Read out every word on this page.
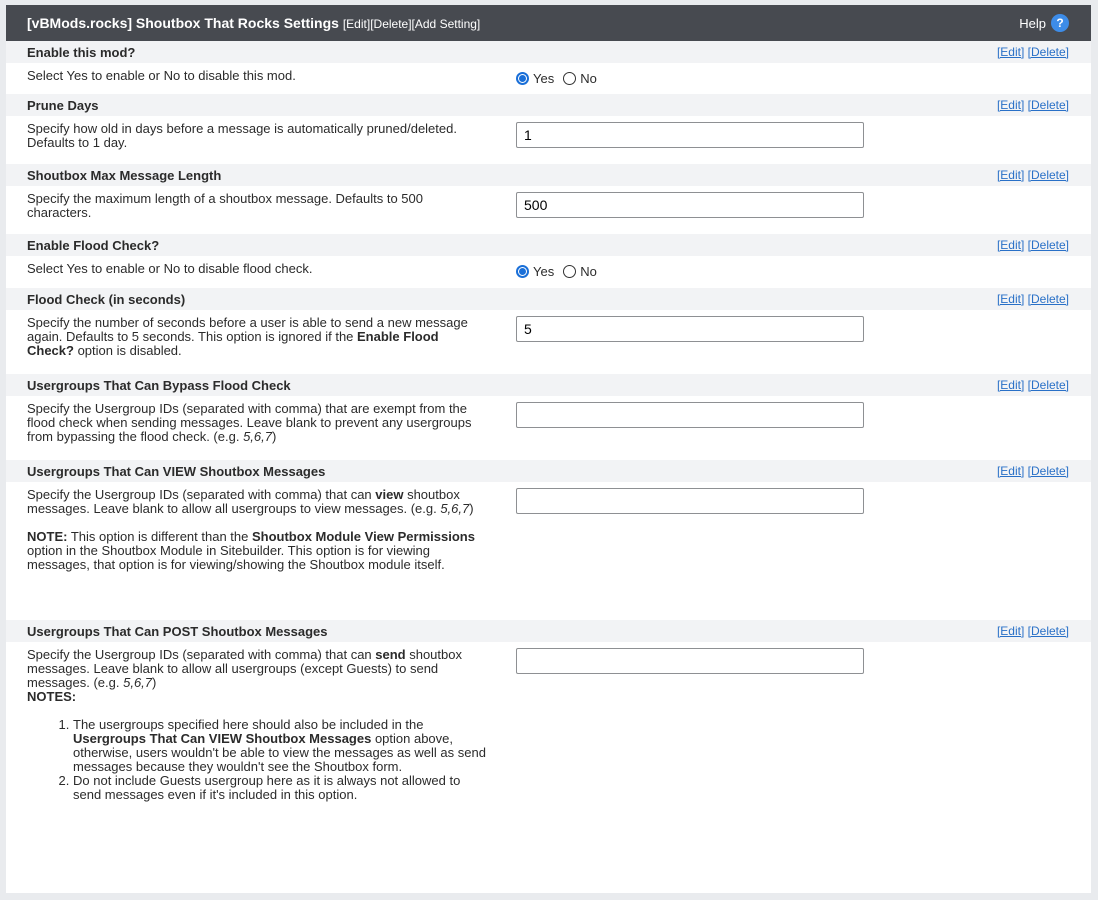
[vBMods.rocks] Shoutbox That Rocks Settings [Edit][Delete][Add Setting]	Help ?
Enable this mod?	[Edit] [Delete]
Select Yes to enable or No to disable this mod.	Yes No
Prune Days	[Edit] [Delete]
Specify how old in days before a message is automatically pruned/deleted. Defaults to 1 day.
1
Shoutbox Max Message Length	[Edit] [Delete]
Specify the maximum length of a shoutbox message. Defaults to 500 characters.
500
Enable Flood Check?	[Edit] [Delete]
Select Yes to enable or No to disable flood check.	Yes No
Flood Check (in seconds)	[Edit] [Delete]
Specify the number of seconds before a user is able to send a new message again. Defaults to 5 seconds. This option is ignored if the Enable Flood Check? option is disabled.
5
Usergroups That Can Bypass Flood Check	[Edit] [Delete]
Specify the Usergroup IDs (separated with comma) that are exempt from the flood check when sending messages. Leave blank to prevent any usergroups from bypassing the flood check. (e.g. 5,6,7)
Usergroups That Can VIEW Shoutbox Messages	[Edit] [Delete]

Specify the Usergroup IDs (separated with comma) that can view shoutbox messages. Leave blank to allow all usergroups to view messages. (e.g. 5,6,7)

NOTE: This option is different than the Shoutbox Module View Permissions option in the Shoutbox Module in Sitebuilder. This option is for viewing messages, that option is for viewing/showing the Shoutbox module itself.

Usergroups That Can POST Shoutbox Messages	[Edit] [Delete]

Specify the Usergroup IDs (separated with comma) that can send shoutbox messages. Leave blank to allow all usergroups (except Guests) to send messages. (e.g. 5,6,7)

NOTES:

1. The usergroups specified here should also be included in the Usergroups That Can VIEW Shoutbox Messages option above, otherwise, users wouldn't be able to view the messages as well as send messages because they wouldn't see the Shoutbox form.
2. Do not include Guests usergroup here as it is always not allowed to send messages even if it's included in this option.
